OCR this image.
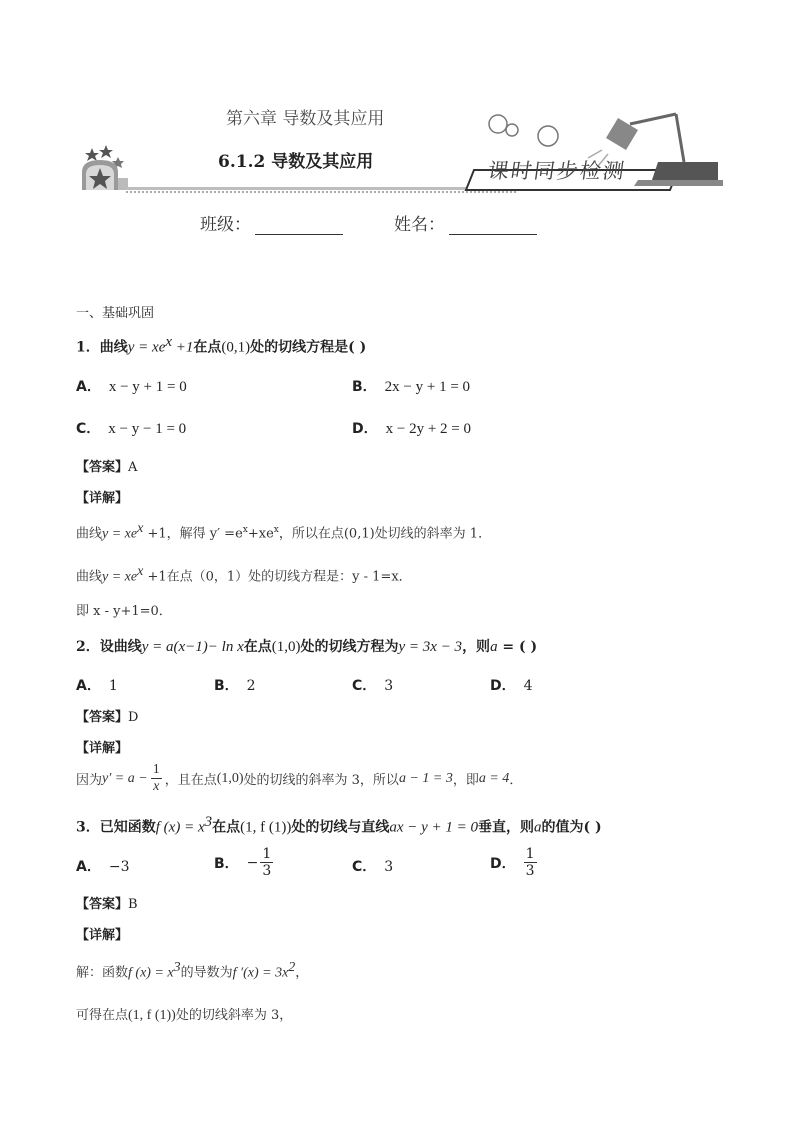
第六章 导数及其应用
6.1.2 导数及其应用	课时同步检测
班级：	姓名：
一、基础巩固
1．曲线$y = xe^x +1$在点(0,1)处的切线方程是( )
A． x − y + 1 = 0	B． 2x − y + 1 = 0
C． x − y − 1 = 0	D． x − 2y + 2 = 0
【答案】A
【详解】
曲线$y = xe^x +1$，解得 $y' =e^x+xe^x$，所以在点(0,1)处切线的斜率为 1．
曲线$y = xe^x +1$在点（0，1）处的切线方程是：y - 1=x．
即 x - y+1=0．
2．设曲线y = a(x−1)− ln x在点(1,0)处的切线方程为y = 3x − 3，则a = ( )
A． 1	B． 2	C． 3	D． 4
【答案】D
【详解】
因为 $y' = a - \frac{1}{x}$ ，且在点 (1,0) 处的切线的斜率为 3，所以 a − 1 = 3 ，即 a = 4 ．
3．已知函数f $(x) = x^3$在点(1, f (1))处的切线与直线ax − y + 1 = 0垂直，则a的值为( )
A． −3	B． − $\frac{1}{3}$	C． 3	D．
1
3
【答案】B
【详解】
解：函数f $(x) = x^3$的导数为f $'(x) = 3x^2$，
可得在点(1, f (1))处的切线斜率为 3，
